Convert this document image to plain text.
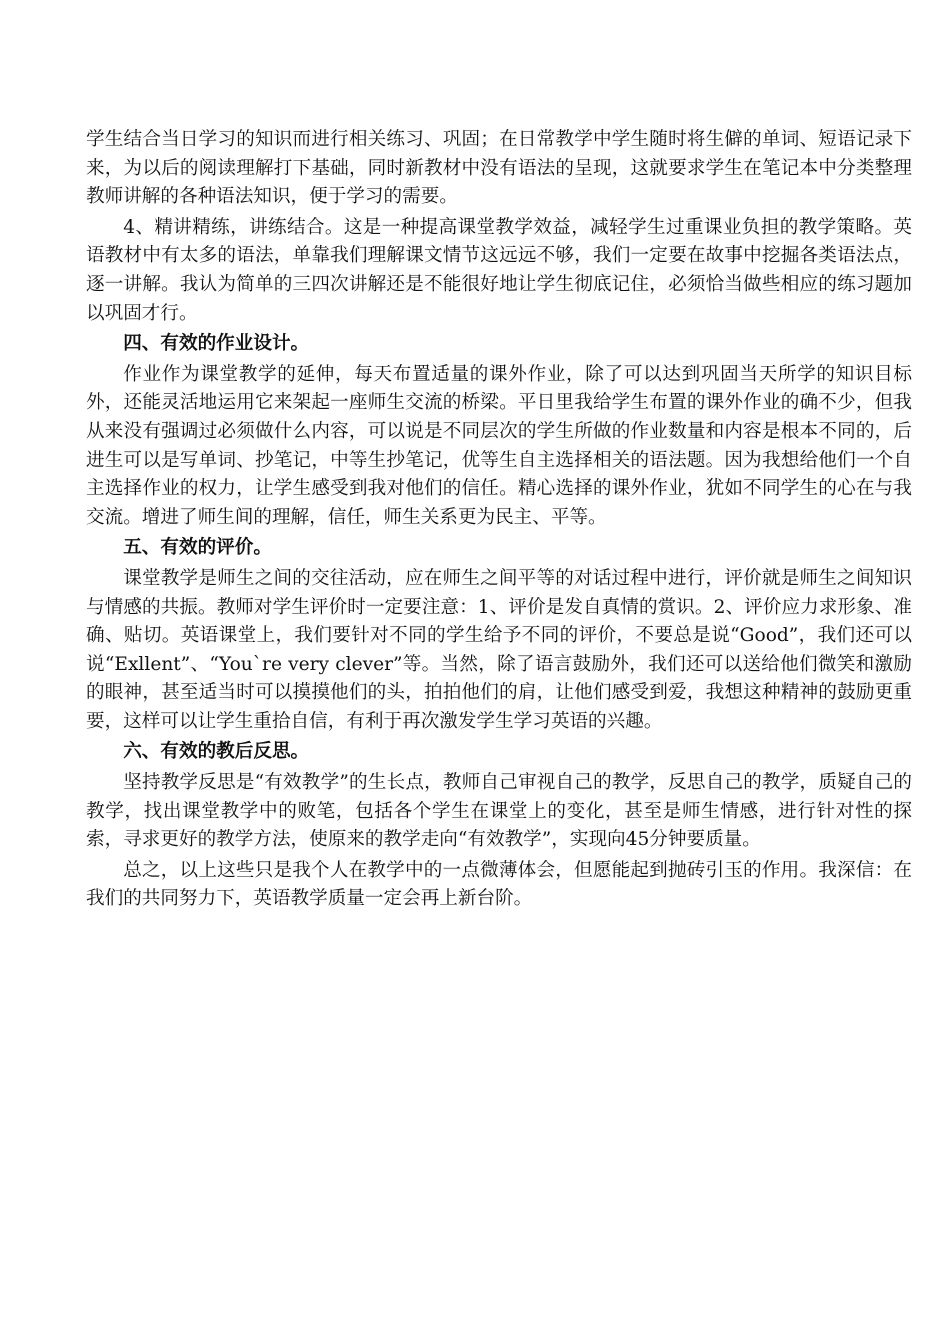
学生结合当日学习的知识而进行相关练习、巩固；在日常教学中学生随时将生僻的单词、短语记录下来，为以后的阅读理解打下基础，同时新教材中没有语法的呈现，这就要求学生在笔记本中分类整理教师讲解的各种语法知识，便于学习的需要。

4、精讲精练，讲练结合。这是一种提高课堂教学效益，减轻学生过重课业负担的教学策略。英语教材中有太多的语法，单靠我们理解课文情节这远远不够，我们一定要在故事中挖掘各类语法点，逐一讲解。我认为简单的三四次讲解还是不能很好地让学生彻底记住，必须恰当做些相应的练习题加以巩固才行。

四、有效的作业设计。

作业作为课堂教学的延伸，每天布置适量的课外作业，除了可以达到巩固当天所学的知识目标外，还能灵活地运用它来架起一座师生交流的桥梁。平日里我给学生布置的课外作业的确不少，但我从来没有强调过必须做什么内容，可以说是不同层次的学生所做的作业数量和内容是根本不同的，后进生可以是写单词、抄笔记，中等生抄笔记，优等生自主选择相关的语法题。因为我想给他们一个自主选择作业的权力，让学生感受到我对他们的信任。精心选择的课外作业，犹如不同学生的心在与我交流。增进了师生间的理解，信任，师生关系更为民主、平等。

五、有效的评价。

课堂教学是师生之间的交往活动，应在师生之间平等的对话过程中进行，评价就是师生之间知识与情感的共振。教师对学生评价时一定要注意：1、评价是发自真情的赏识。2、评价应力求形象、准确、贴切。英语课堂上，我们要针对不同的学生给予不同的评价，不要总是说“Good”，我们还可以说“Exllent”、“You`re very clever”等。当然，除了语言鼓励外，我们还可以送给他们微笑和激励的眼神，甚至适当时可以摸摸他们的头，拍拍他们的肩，让他们感受到爱，我想这种精神的鼓励更重要，这样可以让学生重拾自信，有利于再次激发学生学习英语的兴趣。

六、有效的教后反思。

坚持教学反思是“有效教学”的生长点，教师自己审视自己的教学，反思自己的教学，质疑自己的教学，找出课堂教学中的败笔，包括各个学生在课堂上的变化，甚至是师生情感，进行针对性的探索，寻求更好的教学方法，使原来的教学走向“有效教学”，实现向45分钟要质量。

总之，以上这些只是我个人在教学中的一点微薄体会，但愿能起到抛砖引玉的作用。我深信：在我们的共同努力下，英语教学质量一定会再上新台阶。
